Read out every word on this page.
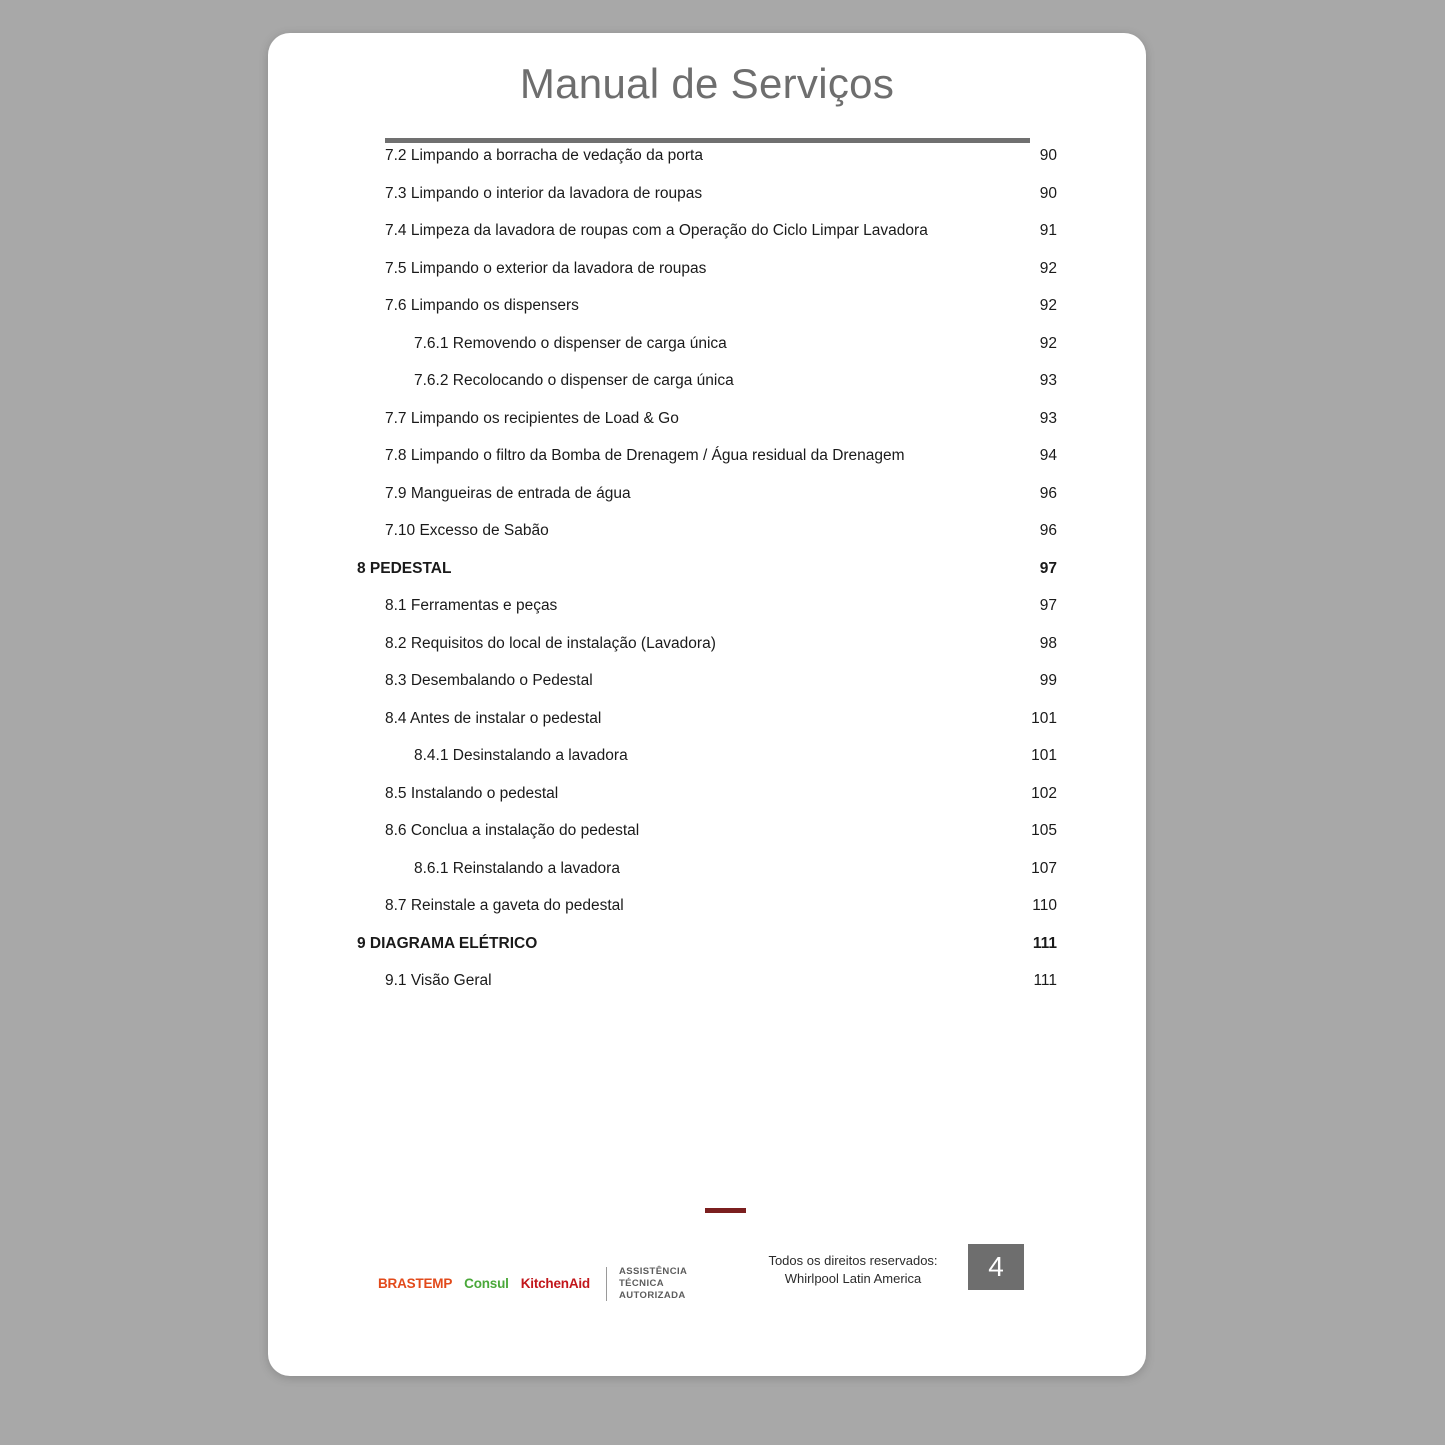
Manual de Serviços
7.2 Limpando a borracha de vedação da porta	90
7.3 Limpando o interior da lavadora de roupas	90
7.4 Limpeza da lavadora de roupas com a Operação do Ciclo Limpar Lavadora	91
7.5 Limpando o exterior da lavadora de roupas	92
7.6 Limpando os dispensers	92
7.6.1 Removendo o dispenser de carga única	92
7.6.2 Recolocando o dispenser de carga única	93
7.7 Limpando os recipientes de Load & Go	93
7.8 Limpando o filtro da Bomba de Drenagem / Água residual da Drenagem	94
7.9 Mangueiras de entrada de água	96
7.10 Excesso de Sabão	96
8 PEDESTAL	97
8.1 Ferramentas e peças	97
8.2 Requisitos do local de instalação (Lavadora)	98
8.3 Desembalando o Pedestal	99
8.4 Antes de instalar o pedestal	101
8.4.1 Desinstalando a lavadora	101
8.5 Instalando o pedestal	102
8.6 Conclua a instalação do pedestal	105
8.6.1 Reinstalando a lavadora	107
8.7 Reinstale a gaveta do pedestal	110
9 DIAGRAMA ELÉTRICO	111
9.1 Visão Geral	111
BRASTEMP Consul KitchenAid
ASSISTÊNCIA
TÉCNICA
AUTORIZADA
Todos os direitos reservados:
Whirlpool Latin America	4
